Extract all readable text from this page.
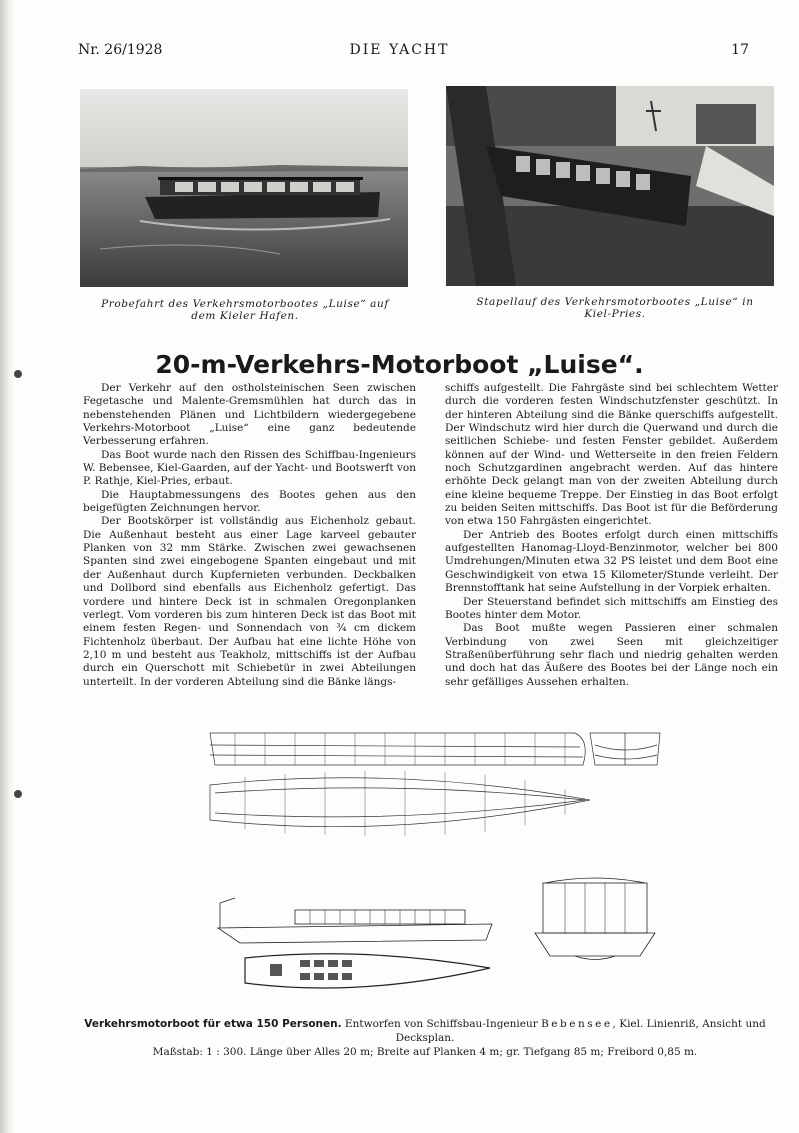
Nr. 26/1928	DIE YACHT	17
Probefahrt des Verkehrsmotorbootes „Luise“ auf dem Kieler Hafen.
Stapellauf des Verkehrsmotorbootes „Luise“ in Kiel-Pries.
20-m-Verkehrs-Motorboot „Luise“.

Der Verkehr auf den ostholsteinischen Seen zwischen Fegetasche und Malente-Gremsmühlen hat durch das in nebenstehenden Plänen und Lichtbildern wiedergegebene Verkehrs-Motorboot „Luise“ eine ganz bedeutende Verbesserung erfahren.

Das Boot wurde nach den Rissen des Schiffbau-Ingenieurs W. Bebensee, Kiel-Gaarden, auf der Yacht- und Bootswerft von P. Rathje, Kiel-Pries, erbaut.

Die Hauptabmessungens des Bootes gehen aus den beigefügten Zeichnungen hervor.

Der Bootskörper ist vollständig aus Eichenholz gebaut. Die Außenhaut besteht aus einer Lage karveel gebauter Planken von 32 mm Stärke. Zwischen zwei gewachsenen Spanten sind zwei eingebogene Spanten eingebaut und mit der Außenhaut durch Kupfernieten verbunden. Deckbalken und Dollbord sind ebenfalls aus Eichenholz gefertigt. Das vordere und hintere Deck ist in schmalen Oregonplanken verlegt. Vom vorderen bis zum hinteren Deck ist das Boot mit einem festen Regen- und Sonnendach von ¾ cm dickem Fichtenholz überbaut. Der Aufbau hat eine lichte Höhe von 2,10 m und besteht aus Teakholz, mittschiffs ist der Aufbau durch ein Querschott mit Schiebetür in zwei Abteilungen unterteilt. In der vorderen Abteilung sind die Bänke längs-

schiffs aufgestellt. Die Fahrgäste sind bei schlechtem Wetter durch die vorderen festen Windschutzfenster geschützt. In der hinteren Abteilung sind die Bänke querschiffs aufgestellt. Der Windschutz wird hier durch die Querwand und durch die seitlichen Schiebe- und festen Fenster gebildet. Außerdem können auf der Wind- und Wetterseite in den freien Feldern noch Schutzgardinen angebracht werden. Auf das hintere erhöhte Deck gelangt man von der zweiten Abteilung durch eine kleine bequeme Treppe. Der Einstieg in das Boot erfolgt zu beiden Seiten mittschiffs. Das Boot ist für die Beförderung von etwa 150 Fahrgästen eingerichtet.

Der Antrieb des Bootes erfolgt durch einen mittschiffs aufgestellten Hanomag-Lloyd-Benzinmotor, welcher bei 800 Umdrehungen/Minuten etwa 32 PS leistet und dem Boot eine Geschwindigkeit von etwa 15 Kilometer/Stunde verleiht. Der Brennstofftank hat seine Aufstellung in der Vorpiek erhalten.

Der Steuerstand befindet sich mittschiffs am Einstieg des Bootes hinter dem Motor.

Das Boot mußte wegen Passieren einer schmalen Verbindung von zwei Seen mit gleichzeitiger Straßenüberführung sehr flach und niedrig gehalten werden und doch hat das Äußere des Bootes bei der Länge noch ein sehr gefälliges Aussehen erhalten.

Verkehrsmotorboot für etwa 150 Personen. Entworfen von Schiffsbau-Ingenieur Bebensee, Kiel. Linienriß, Ansicht und Decksplan.
Maßstab: 1 : 300. Länge über Alles 20 m; Breite auf Planken 4 m; gr. Tiefgang 85 m; Freibord 0,85 m.
